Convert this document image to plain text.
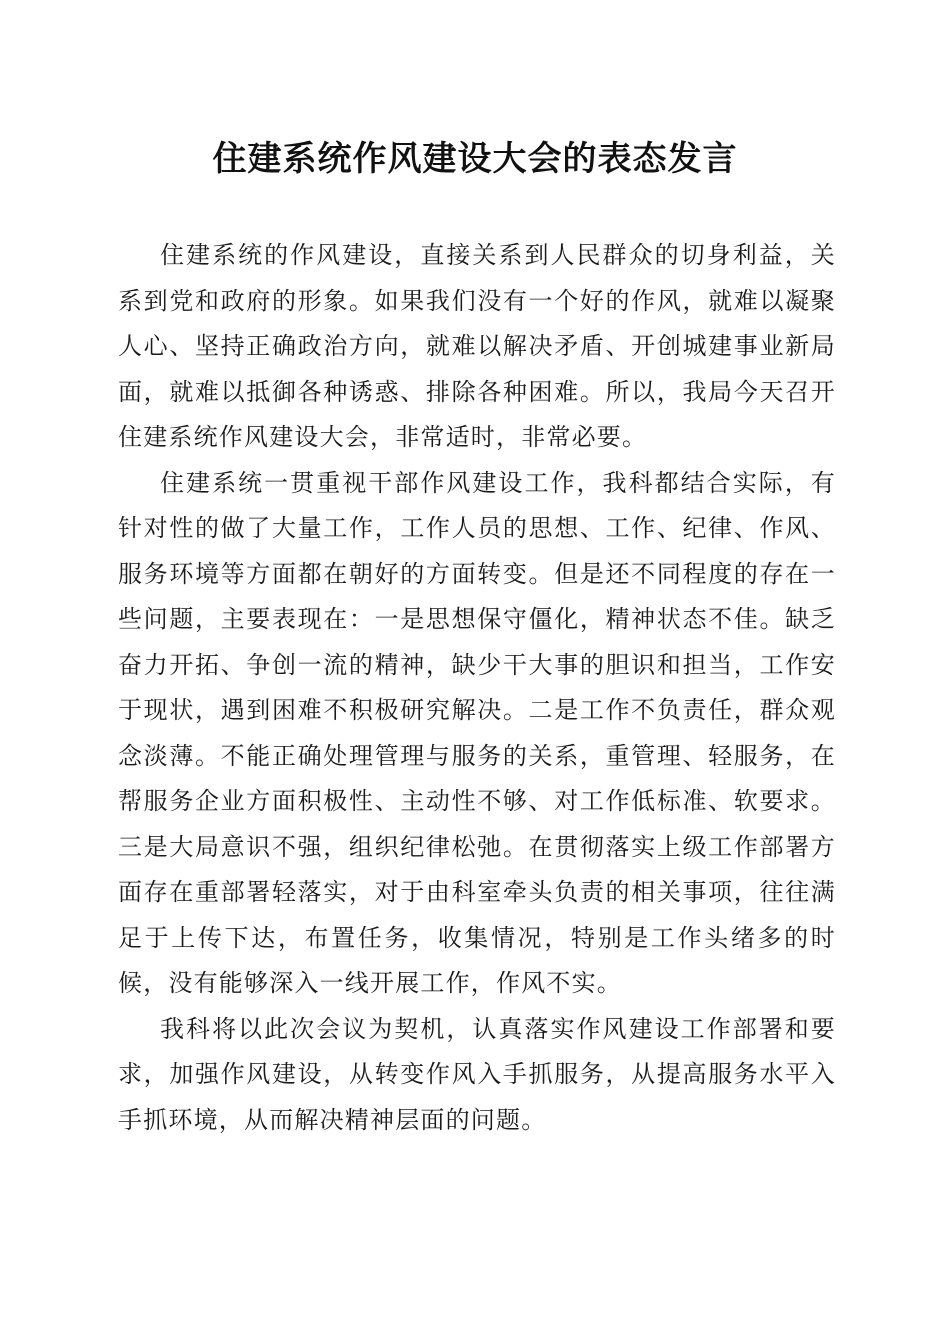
住建系统作风建设大会的表态发言

住建系统的作风建设，直接关系到人民群众的切身利益，关系到党和政府的形象。如果我们没有一个好的作风，就难以凝聚人心、坚持正确政治方向，就难以解决矛盾、开创城建事业新局面，就难以抵御各种诱惑、排除各种困难。所以，我局今天召开住建系统作风建设大会，非常适时，非常必要。

住建系统一贯重视干部作风建设工作，我科都结合实际，有针对性的做了大量工作，工作人员的思想、工作、纪律、作风、服务环境等方面都在朝好的方面转变。但是还不同程度的存在一些问题，主要表现在：一是思想保守僵化，精神状态不佳。缺乏奋力开拓、争创一流的精神，缺少干大事的胆识和担当，工作安于现状，遇到困难不积极研究解决。二是工作不负责任，群众观念淡薄。不能正确处理管理与服务的关系，重管理、轻服务，在帮服务企业方面积极性、主动性不够、对工作低标准、软要求。三是大局意识不强，组织纪律松弛。在贯彻落实上级工作部署方面存在重部署轻落实，对于由科室牵头负责的相关事项，往往满足于上传下达，布置任务，收集情况，特别是工作头绪多的时候，没有能够深入一线开展工作，作风不实。

我科将以此次会议为契机，认真落实作风建设工作部署和要求，加强作风建设，从转变作风入手抓服务，从提高服务水平入手抓环境，从而解决精神层面的问题。
